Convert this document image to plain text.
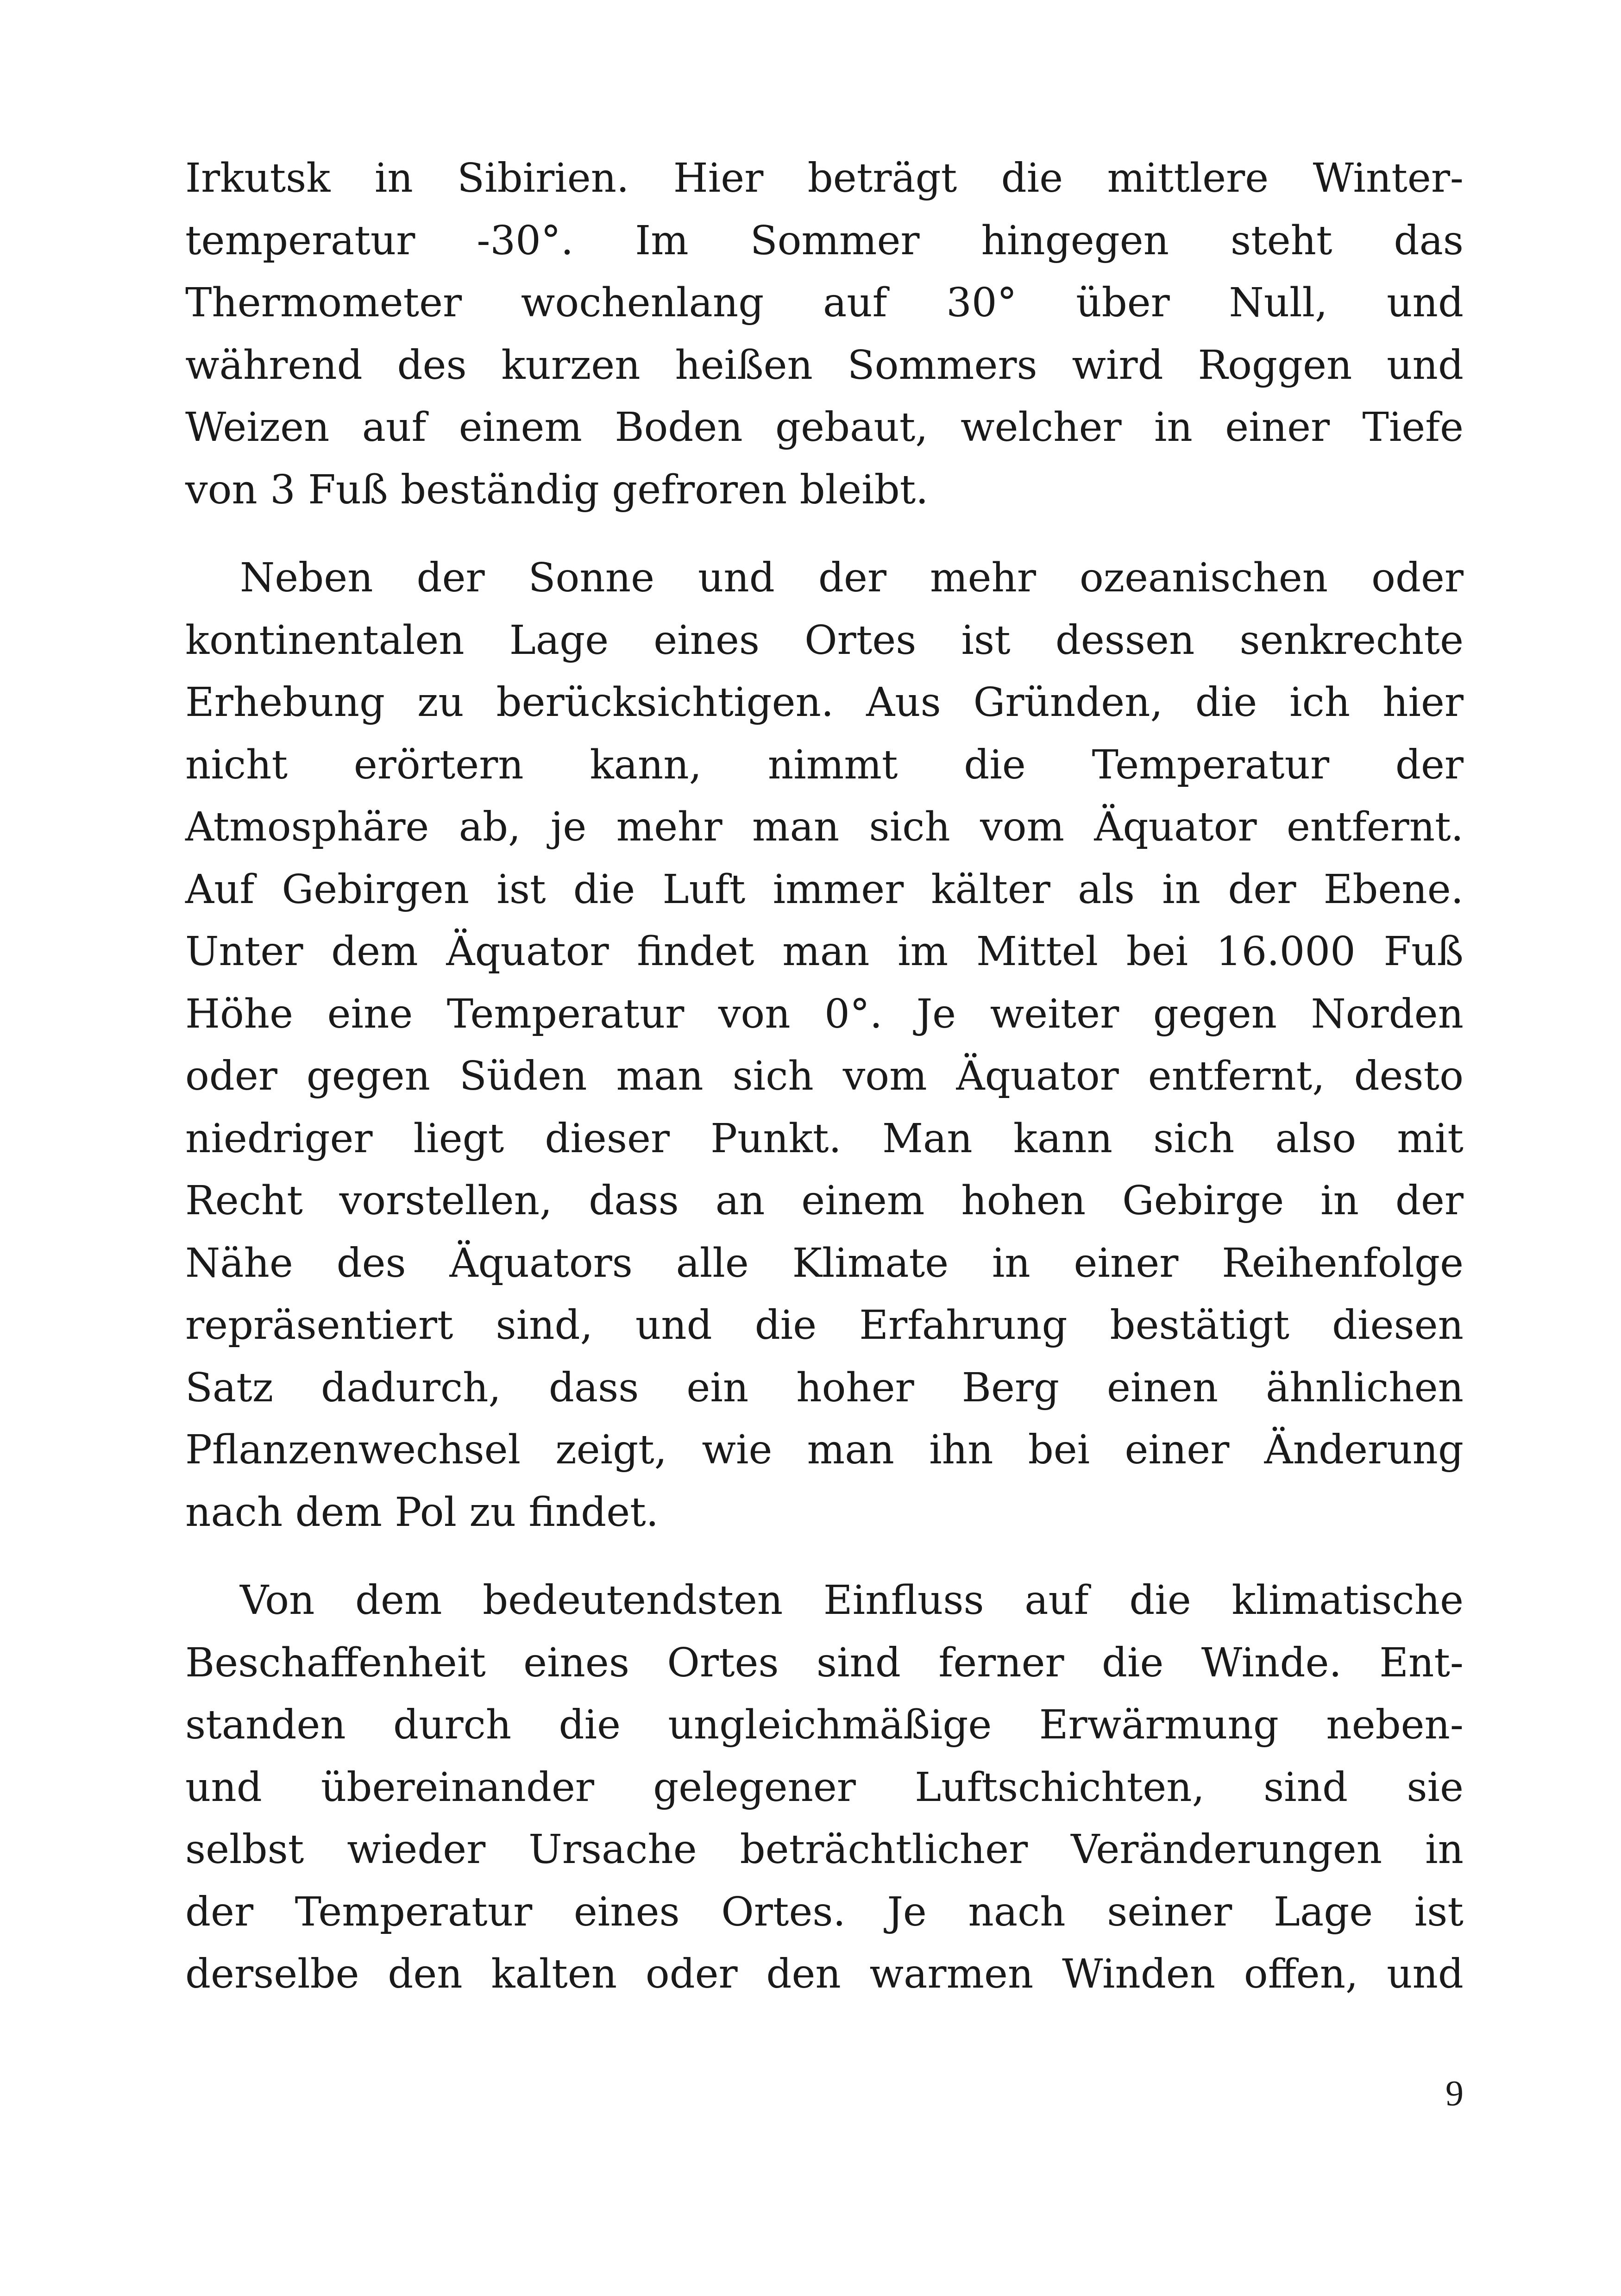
Irkutsk in Sibirien. Hier beträgt die mittlere Winter-
temperatur -30°. Im Sommer hingegen steht das
Thermometer wochenlang auf 30° über Null, und
während des kurzen heißen Sommers wird Roggen und
Weizen auf einem Boden gebaut, welcher in einer Tiefe
von 3 Fuß beständig gefroren bleibt.
Neben der Sonne und der mehr ozeanischen oder
kontinentalen Lage eines Ortes ist dessen senkrechte
Erhebung zu berücksichtigen. Aus Gründen, die ich hier
nicht erörtern kann, nimmt die Temperatur der
Atmosphäre ab, je mehr man sich vom Äquator entfernt.
Auf Gebirgen ist die Luft immer kälter als in der Ebene.
Unter dem Äquator findet man im Mittel bei 16.000 Fuß
Höhe eine Temperatur von 0°. Je weiter gegen Norden
oder gegen Süden man sich vom Äquator entfernt, desto
niedriger liegt dieser Punkt. Man kann sich also mit
Recht vorstellen, dass an einem hohen Gebirge in der
Nähe des Äquators alle Klimate in einer Reihenfolge
repräsentiert sind, und die Erfahrung bestätigt diesen
Satz dadurch, dass ein hoher Berg einen ähnlichen
Pflanzenwechsel zeigt, wie man ihn bei einer Änderung
nach dem Pol zu findet.
Von dem bedeutendsten Einfluss auf die klimatische
Beschaffenheit eines Ortes sind ferner die Winde. Ent-
standen durch die ungleichmäßige Erwärmung neben-
und übereinander gelegener Luftschichten, sind sie
selbst wieder Ursache beträchtlicher Veränderungen in
der Temperatur eines Ortes. Je nach seiner Lage ist
derselbe den kalten oder den warmen Winden offen, und
9
